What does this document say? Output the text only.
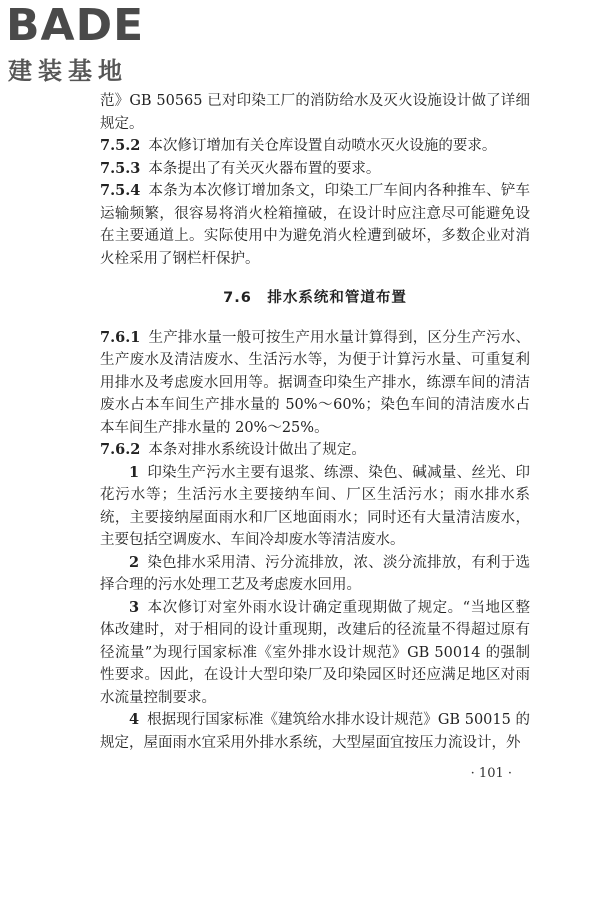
BADE
建装基地

范》GB 50565 已对印染工厂的消防给水及灭火设施设计做了详细规定。

7.5.2 本次修订增加有关仓库设置自动喷水灭火设施的要求。

7.5.3 本条提出了有关灭火器布置的要求。

7.5.4 本条为本次修订增加条文，印染工厂车间内各种推车、铲车运输频繁，很容易将消火栓箱撞破，在设计时应注意尽可能避免设在主要通道上。实际使用中为避免消火栓遭到破坏，多数企业对消火栓采用了钢栏杆保护。

7.6　排水系统和管道布置

7.6.1 生产排水量一般可按生产用水量计算得到，区分生产污水、生产废水及清洁废水、生活污水等，为便于计算污水量、可重复利用排水及考虑废水回用等。据调查印染生产排水，练漂车间的清洁废水占本车间生产排水量的 50%～60%；染色车间的清洁废水占本车间生产排水量的 20%～25%。

7.6.2 本条对排水系统设计做出了规定。

1 印染生产污水主要有退浆、练漂、染色、碱减量、丝光、印花污水等；生活污水主要接纳车间、厂区生活污水；雨水排水系统，主要接纳屋面雨水和厂区地面雨水；同时还有大量清洁废水，主要包括空调废水、车间冷却废水等清洁废水。

2 染色排水采用清、污分流排放，浓、淡分流排放，有利于选择合理的污水处理工艺及考虑废水回用。

3 本次修订对室外雨水设计确定重现期做了规定。“当地区整体改建时，对于相同的设计重现期，改建后的径流量不得超过原有径流量”为现行国家标准《室外排水设计规范》GB 50014 的强制性要求。因此，在设计大型印染厂及印染园区时还应满足地区对雨水流量控制要求。

4 根据现行国家标准《建筑给水排水设计规范》GB 50015 的规定，屋面雨水宜采用外排水系统，大型屋面宜按压力流设计，外

· 101 ·
